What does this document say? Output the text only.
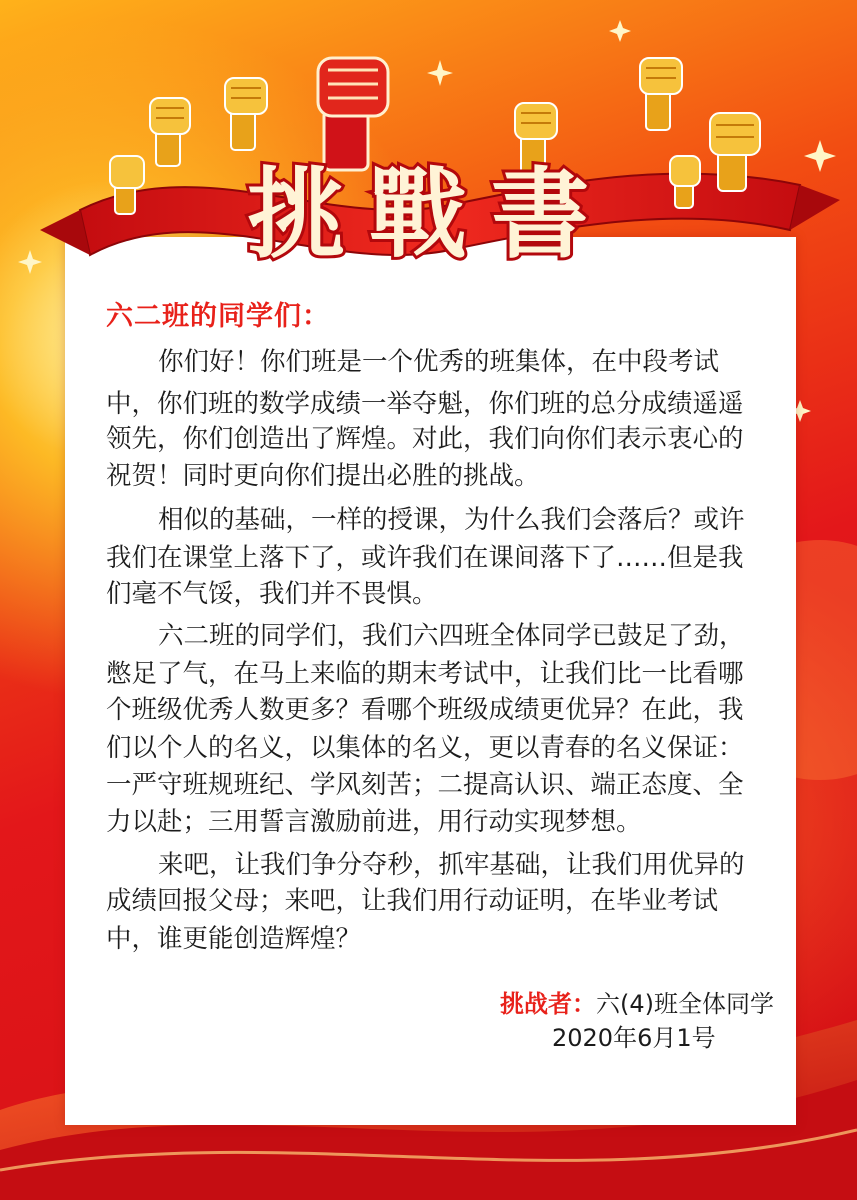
挑戰書
六二班的同学们：
你们好！你们班是一个优秀的班集体，在中段考试
中，你们班的数学成绩一举夺魁，你们班的总分成绩遥遥
领先，你们创造出了辉煌。对此，我们向你们表示衷心的
祝贺！同时更向你们提出必胜的挑战。
相似的基础，一样的授课，为什么我们会落后？或许
我们在课堂上落下了，或许我们在课间落下了……但是我
们毫不气馁，我们并不畏惧。
六二班的同学们，我们六四班全体同学已鼓足了劲，
憋足了气，在马上来临的期末考试中，让我们比一比看哪
个班级优秀人数更多？看哪个班级成绩更优异？在此，我
们以个人的名义，以集体的名义，更以青春的名义保证：
一严守班规班纪、学风刻苦；二提高认识、端正态度、全
力以赴；三用誓言激励前进，用行动实现梦想。
来吧，让我们争分夺秒，抓牢基础，让我们用优异的
成绩回报父母；来吧，让我们用行动证明，在毕业考试
中，谁更能创造辉煌？
挑战者：六(4)班全体同学
2020年6月1号
